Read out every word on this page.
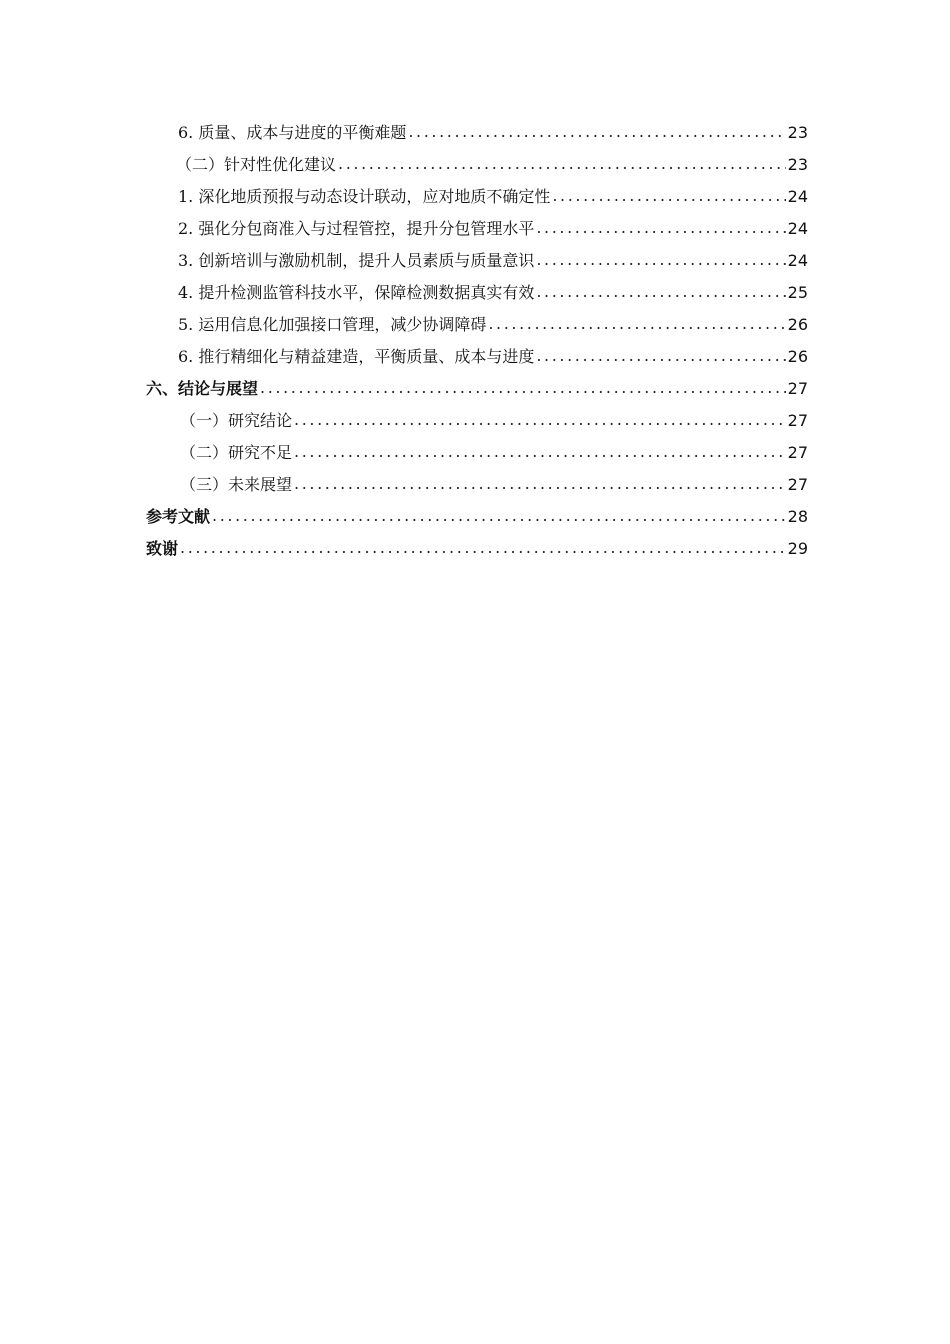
6. 质量、成本与进度的平衡难题 .....	23
（二）针对性优化建议 .....	23
1. 深化地质预报与动态设计联动，应对地质不确定性 .....	24
2. 强化分包商准入与过程管控，提升分包管理水平 .....	24
3. 创新培训与激励机制，提升人员素质与质量意识 .....	24
4. 提升检测监管科技水平，保障检测数据真实有效 .....	25
5. 运用信息化加强接口管理，减少协调障碍 .....	26
6. 推行精细化与精益建造，平衡质量、成本与进度 .....	26
六、结论与展望 .....	27
（一）研究结论 .....	27
（二）研究不足 .....	27
（三）未来展望 .....	27
参考文献 .....	28
致谢 .....	29
